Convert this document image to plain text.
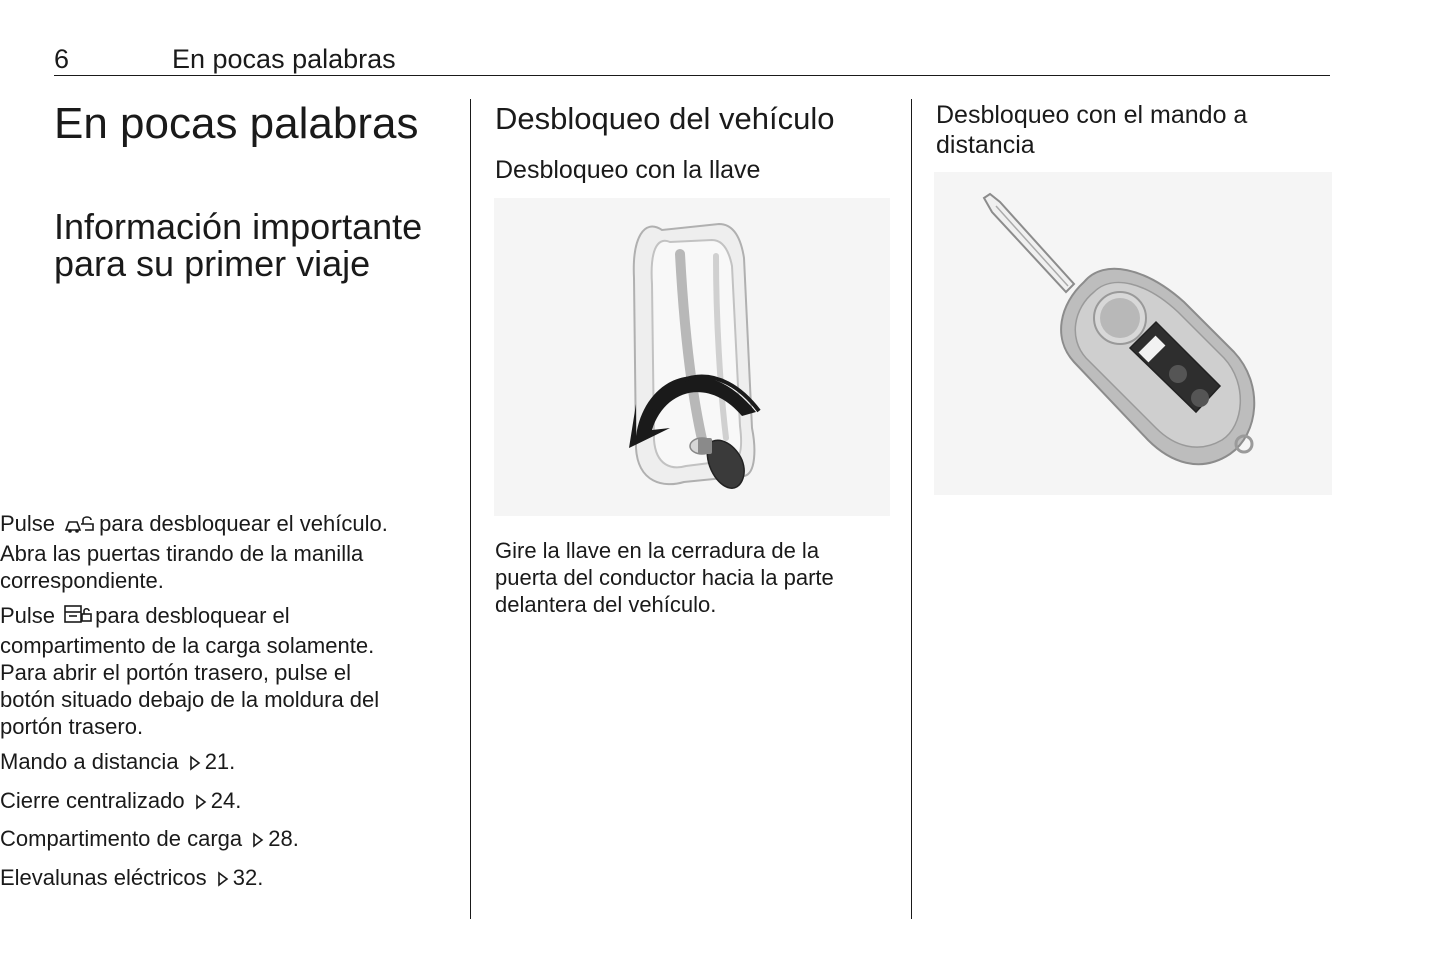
6	En pocas palabras
En pocas palabras
Información importante para su primer viaje
Desbloqueo del vehículo
Desbloqueo con la llave

Gire la llave en la cerradura de la puerta del conductor hacia la parte delantera del vehículo.

Desbloqueo con el mando a distancia

Pulse para desbloquear el vehículo. Abra las puertas tirando de la manilla correspondiente.

Pulse para desbloquear el compartimento de la carga solamente. Para abrir el portón trasero, pulse el botón situado debajo de la moldura del portón trasero.

Mando a distancia 21.

Cierre centralizado 24.

Compartimento de carga 28.

Elevalunas eléctricos 32.
